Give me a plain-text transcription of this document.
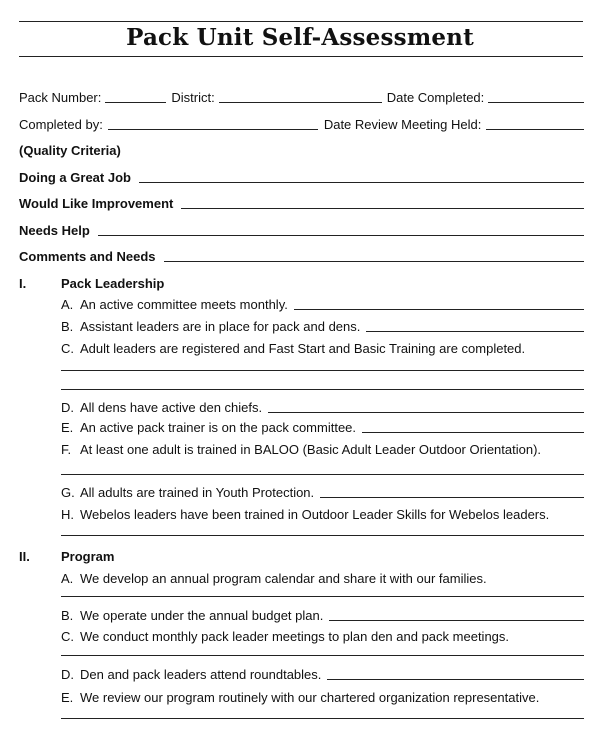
Pack Unit Self-Assessment
Pack Number:	District:	Date Completed:
Completed by:	Date Review Meeting Held:
(Quality Criteria)
Doing a Great Job
Would Like Improvement
Needs Help
Comments and Needs
I.	Pack Leadership
A. An active committee meets monthly.
B. Assistant leaders are in place for pack and dens.
C. Adult leaders are registered and Fast Start and Basic Training are completed.
D. All dens have active den chiefs.
E. An active pack trainer is on the pack committee.
F. At least one adult is trained in BALOO (Basic Adult Leader Outdoor Orientation).
G. All adults are trained in Youth Protection.
H. Webelos leaders have been trained in Outdoor Leader Skills for Webelos leaders.
II.	Program
A. We develop an annual program calendar and share it with our families.
B. We operate under the annual budget plan.
C. We conduct monthly pack leader meetings to plan den and pack meetings.
D. Den and pack leaders attend roundtables.
E. We review our program routinely with our chartered organization representative.
